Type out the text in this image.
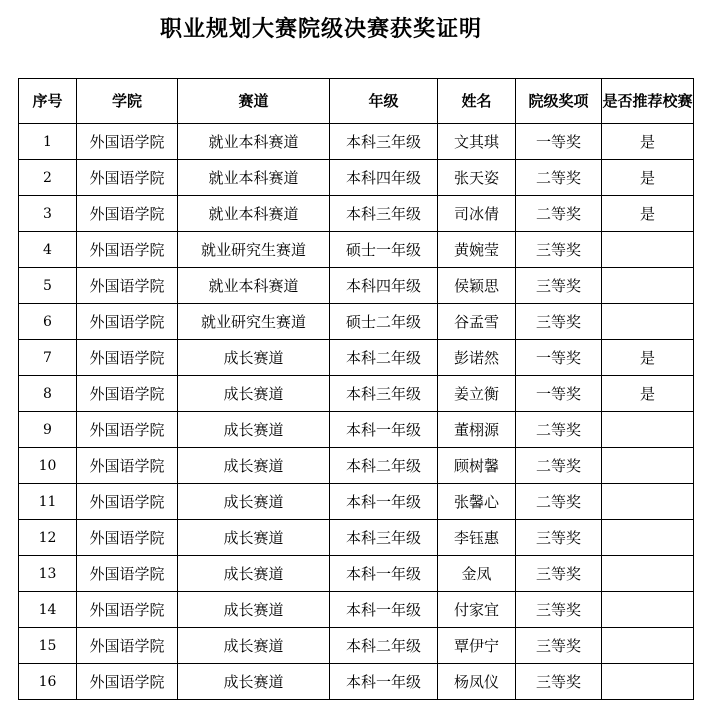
职业规划大赛院级决赛获奖证明
序号	学院	赛道	年级	姓名	院级奖项	是否推荐校赛
1	外国语学院	就业本科赛道	本科三年级	文其琪	一等奖	是
2	外国语学院	就业本科赛道	本科四年级	张天姿	二等奖	是
3	外国语学院	就业本科赛道	本科三年级	司冰倩	二等奖	是
4	外国语学院	就业研究生赛道	硕士一年级	黄婉莹	三等奖	
5	外国语学院	就业本科赛道	本科四年级	侯颖思	三等奖	
6	外国语学院	就业研究生赛道	硕士二年级	谷孟雪	三等奖	
7	外国语学院	成长赛道	本科二年级	彭诺然	一等奖	是
8	外国语学院	成长赛道	本科三年级	姜立衡	一等奖	是
9	外国语学院	成长赛道	本科一年级	董栩源	二等奖	
10	外国语学院	成长赛道	本科二年级	顾树馨	二等奖	
11	外国语学院	成长赛道	本科一年级	张馨心	二等奖	
12	外国语学院	成长赛道	本科三年级	李钰惠	三等奖	
13	外国语学院	成长赛道	本科一年级	金凤	三等奖	
14	外国语学院	成长赛道	本科一年级	付家宜	三等奖	
15	外国语学院	成长赛道	本科二年级	覃伊宁	三等奖	
16	外国语学院	成长赛道	本科一年级	杨凤仪	三等奖	
